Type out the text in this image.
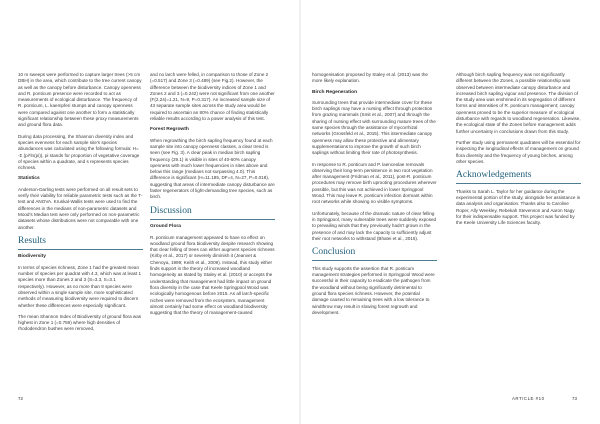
10 m sweeps were performed to capture larger trees (>5 cm DBH) in the area, which contribute to the tree current canopy as well as the canopy before disturbance. Canopy openness and R. ponticum presence were recorded to act as measurements of ecological disturbance. The frequency of R. ponticum, L. kaempferi stumps and canopy openness were compared against one another to form a statistically significant relationship between these proxy measurements and ground flora data.

During data processing, the Shannon diversity index and species evenness for each sample site's species abundances was calculated using the following formula: H= -Σ (pi*ln(pi)), pi stands for proportion of vegetative coverage of species within a quadrate, and s represents species richness.

Statistics

Anderson-Darling tests were performed on all result sets to verify their viability for reliable parametric tests such as the T-test and ANOVA. Kruskal-Wallis tests were used to find the differences in the medians of non-parametric datasets and Mood's Median test were only performed on non-parametric datasets whose distributions were not comparable with one another.

Results
Biodiversity

In terms of species richness, Zone 1 had the greatest mean number of species per quadrat with 4.3, which was at least 1 species more than Zones 2 and 3 (S=3.3, S=3.1 respectively). However, as no more than 8 species were observed within a single sample site, more sophisticated methods of measuring biodiversity were required to discern whether these differences were especially significant.

The mean Shannon Index of Biodiversity of ground flora was highest in Zone 1 (=0.759) where high densities of rhododendron bushes were removed,

and no larch were felled, in comparison to those of Zone 2 (=0.517) and Zone 3 (=0.489) (see Fig.2). However, the difference between the biodiversity indices of Zone 1 and Zones 2 and 3 (=0.242) were not significant from one another (F(2,24)=1.21, N=9, P=0.317). An increased sample size of 43 separate sample sites across the study area would be required to ascertain an 80% chance of finding statistically reliable results according to a power analysis of this test.

Forest Regrowth

When regrowthing the birch sapling frequency found at each sample site into canopy openness classes, a clear trend is seen (see Fig. 3). A clear peak in median birch sapling frequency (29.1) is visible in sites of 40-60% canopy openness with much lower frequencies in sites above and below this range (medians not surpassing 4.0). This difference is significant (H=11.185, DF=4, N=27, P=0.018), suggesting that areas of intermediate canopy disturbance are faster regenerators of light-demanding tree species, such as birch.

Discussion
Ground Flora

R. ponticum management appeared to have no effect on woodland ground flora biodiversity despite research showing that clear felling of trees can either augment species richness (Kirby et al., 2017) or severely diminish it (Jeanvet & Chenoya, 1999; Keith et al., 2009). Instead, this study either finds support in the theory of increased woodland homogeneity as stated by Staley et al. (2010) or accepts the understanding that management had little impact on ground flora diversity in the case that Keele Springpool Wood was ecologically homogenous before 2015. As all larch-specific niches were removed from the ecosystem, management almost certainly had some effect on woodland biodiversity suggesting that the theory of management-caused

homogenisation proposed by Staley et al. (2013) was the more likely explanation.

Birch Regeneration

Surrounding trees that provide intermediate cover for these birch saplings may have a nursing effect through protection from grazing mammals (Smit et al., 2007) and through the sharing of nursing effect with surrounding mature trees of the same species through the assistance of mycorrhizal networks (Grossfeld et al., 2015). This intermediate canopy openness may allow these protective and alimentary supplementations to improve the growth of such birch saplings without limiting their rate of photosynthesis.

In response to R. ponticum and P. laenceolae removals observing their long-term persistence in two root vegetation after management (Fridman et al., 2011), post-R. ponticum procedures may remove birth uprooting procedures wherever possible, but this was not achieved in lower Springpool Wood. This may leave R. ponticum infection dormant within root networks while showing no visible symptoms.

Unfortunately, because of the dramatic nature of clear felling in Springpool, many vulnerable trees were suddenly exposed to prevailing winds that they previously hadn't grown in the presence of and may lack the capacity to sufficiently adjust their root networks to withstand (Bhatei et al., 2015).

Conclusion

This study supports the assertion that R. ponticum management strategies performed in Springpool Wood were successful in their capacity to eradicate the pathogen from the woodland without being significantly detrimental to ground flora species richness. However, the potential damage caused to remaining trees with a low tolerance to windthrow may result in slowing forest regrowth and development.

Although birch sapling frequency was not significantly different between the Zones, a possible relationship was observed between intermediate canopy disturbance and increased birch sapling vigour and presence. The division of the study area was enshrined in its segregation of different forms and intensities of R. ponticum management; canopy openness proved to be the superior measure of ecological disturbance with regards to woodland regeneration. Likewise, the ecological state of the Zones before management adds further uncertainty in conclusions drawn from this study.

Further study using permanent quadrates will be essential for inspecting the longitudinal effects of management on ground flora diversity and the frequency of young birches, among other species.

Acknowledgements

Thanks to Sarah L. Taylor for her guidance during the experimental portion of the study, alongside her assistance in data analysis and organisation. Thanks also to Caroline Roper, Ally Weekley, Rebekah Stevenson and Aaron Nagy for their indispensable support. This project was funded by the Keele University Life Sciences faculty.

72	ARTICLE #10	73
